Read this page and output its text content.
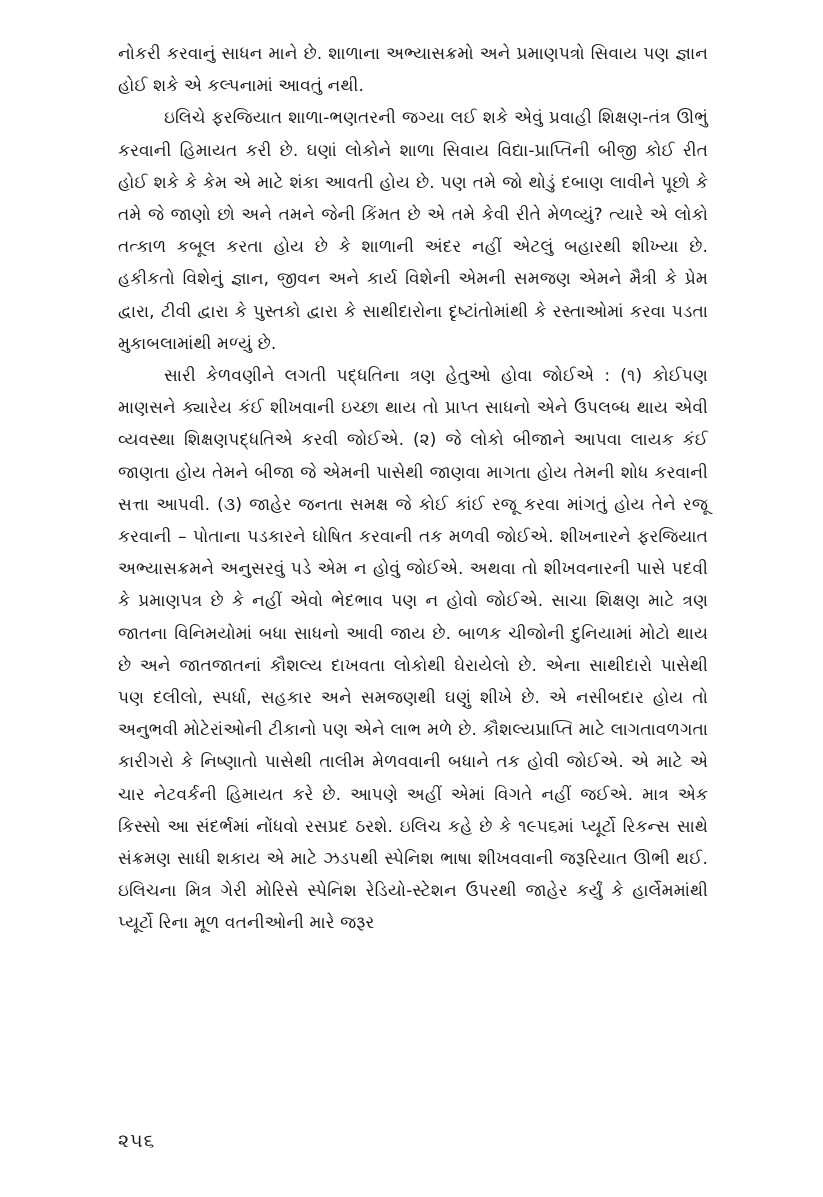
નોકરી કરવાનું સાધન માને છે. શાળાના અભ્યાસક્રમો અને પ્રમાણપત્રો સિવાય પણ જ્ઞાન હોઈ શકે એ કલ્પનામાં આવતું નથી.

ઇલિચે ફરજિયાત શાળા-ભણતરની જગ્યા લઈ શકે એવું પ્રવાહી શિક્ષણ-તંત્ર ઊભું કરવાની હિમાયત કરી છે. ઘણાં લોકોને શાળા સિવાય વિદ્યા-પ્રાપ્તિની બીજી કોઈ રીત હોઈ શકે કે કેમ એ માટે શંકા આવતી હોય છે. પણ તમે જો થોડું દબાણ લાવીને પૂછો કે તમે જે જાણો છો અને તમને જેની કિંમત છે એ તમે કેવી રીતે મેળવ્યું? ત્યારે એ લોકો તત્કાળ કબૂલ કરતા હોય છે કે શાળાની અંદર નહીં એટલું બહારથી શીખ્યા છે. હકીકતો વિશેનું જ્ઞાન, જીવન અને કાર્ય વિશેની એમની સમજણ એમને મૈત્રી કે પ્રેમ દ્વારા, ટીવી દ્વારા કે પુસ્તકો દ્વારા કે સાથીદારોના દૃષ્ટાંતોમાંથી કે રસ્તાઓમાં કરવા પડતા મુકાબલામાંથી મળ્યું છે.

સારી કેળવણીને લગતી પદ્ધતિના ત્રણ હેતુઓ હોવા જોઈએ : (૧) કોઈપણ માણસને ક્યારેય કંઈ શીખવાની ઇચ્છા થાય તો પ્રાપ્ત સાધનો એને ઉપલબ્ધ થાય એવી વ્યવસ્થા શિક્ષણપદ્ધતિએ કરવી જોઈએ. (૨) જે લોકો બીજાને આપવા લાયક કંઈ જાણતા હોય તેમને બીજા જે એમની પાસેથી જાણવા માગતા હોય તેમની શોધ કરવાની સત્તા આપવી. (૩) જાહેર જનતા સમક્ષ જે કોઈ કાંઈ રજૂ કરવા માંગતું હોય તેને રજૂ કરવાની – પોતાના પડકારને ઘોષિત કરવાની તક મળવી જોઈએ. શીખનારને ફરજિયાત અભ્યાસક્રમને અનુસરવું પડે એમ ન હોવું જોઈએ. અથવા તો શીખવનારની પાસે પદવી કે પ્રમાણપત્ર છે કે નહીં એવો ભેદભાવ પણ ન હોવો જોઈએ. સાચા શિક્ષણ માટે ત્રણ જાતના વિનિમયોમાં બધા સાધનો આવી જાય છે. બાળક ચીજોની દુનિયામાં મોટો થાય છે અને જાતજાતનાં કૌશલ્ય દાખવતા લોકોથી ઘેરાયેલો છે. એના સાથીદારો પાસેથી પણ દલીલો, સ્પર્ધા, સહકાર અને સમજણથી ઘણું શીખે છે. એ નસીબદાર હોય તો અનુભવી મોટેરાંઓની ટીકાનો પણ એને લાભ મળે છે. કૌશલ્યપ્રાપ્તિ માટે લાગતાવળગતા કારીગરો કે નિષ્ણાતો પાસેથી તાલીમ મેળવવાની બધાને તક હોવી જોઈએ. એ માટે એ ચાર નેટવર્કની હિમાયત કરે છે. આપણે અહીં એમાં વિગતે નહીં જઈએ. માત્ર એક કિસ્સો આ સંદર્ભમાં નોંધવો રસપ્રદ ઠરશે. ઇલિચ કહે છે કે ૧૯૫૬માં પ્યૂર્ટો રિકન્સ સાથે સંક્રમણ સાધી શકાય એ માટે ઝડપથી સ્પેનિશ ભાષા શીખવવાની જરૂરિયાત ઊભી થઈ. ઇલિચના મિત્ર ગેરી મોરિસે સ્પેનિશ રેડિયો-સ્ટેશન ઉપરથી જાહેર કર્યું કે હાર્લેમમાંથી પ્યૂર્ટો રિના મૂળ વતનીઓની મારે જરૂર

૨૫૬
